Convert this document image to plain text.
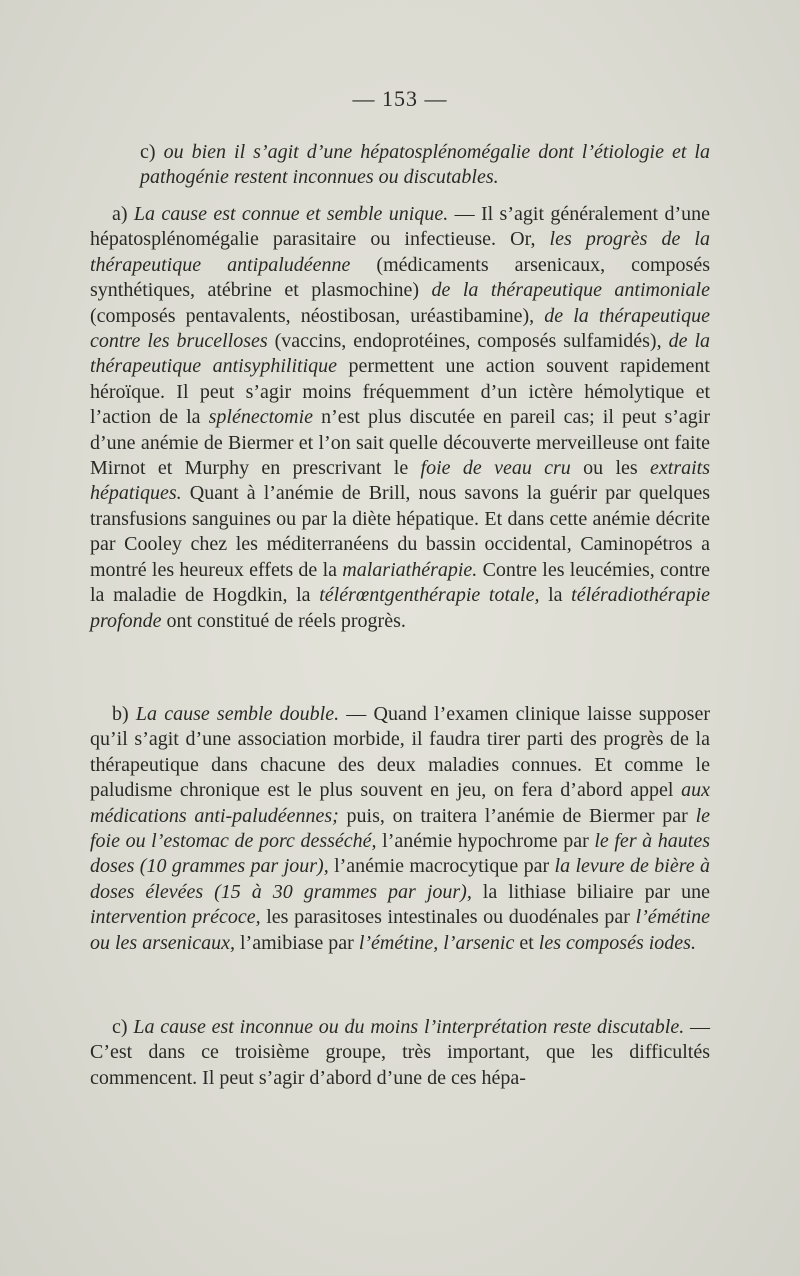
— 153 —

c) ou bien il s’agit d’une hépatosplénomégalie dont l’étiologie et la pathogénie restent inconnues ou discutables.

a) La cause est connue et semble unique. — Il s’agit généralement d’une hépatosplénomégalie parasitaire ou infectieuse. Or, les progrès de la thérapeutique antipaludéenne (médicaments arsenicaux, composés synthétiques, atébrine et plasmochine) de la thérapeutique antimoniale (composés pentavalents, néostibosan, uréastibamine), de la thérapeutique contre les brucelloses (vaccins, endoprotéines, composés sulfamidés), de la thérapeutique antisyphilitique permettent une action souvent rapidement héroïque. Il peut s’agir moins fréquemment d’un ictère hémolytique et l’action de la splénectomie n’est plus discutée en pareil cas; il peut s’agir d’une anémie de Biermer et l’on sait quelle découverte merveilleuse ont faite Mirnot et Murphy en prescrivant le foie de veau cru ou les extraits hépatiques. Quant à l’anémie de Brill, nous savons la guérir par quelques transfusions sanguines ou par la diète hépatique. Et dans cette anémie décrite par Cooley chez les méditerranéens du bassin occidental, Caminopétros a montré les heureux effets de la malariathérapie. Contre les leucémies, contre la maladie de Hogdkin, la télérœntgenthérapie totale, la téléradiothérapie profonde ont constitué de réels progrès.

b) La cause semble double. — Quand l’examen clinique laisse supposer qu’il s’agit d’une association morbide, il faudra tirer parti des progrès de la thérapeutique dans chacune des deux maladies connues. Et comme le paludisme chronique est le plus souvent en jeu, on fera d’abord appel aux médications anti-paludéennes; puis, on traitera l’anémie de Biermer par le foie ou l’estomac de porc desséché, l’anémie hypochrome par le fer à hautes doses (10 grammes par jour), l’anémie macrocytique par la levure de bière à doses élevées (15 à 30 grammes par jour), la lithiase biliaire par une intervention précoce, les parasitoses intestinales ou duodénales par l’émétine ou les arsenicaux, l’amibiase par l’émétine, l’arsenic et les composés iodes.

c) La cause est inconnue ou du moins l’interprétation reste discutable. — C’est dans ce troisième groupe, très important, que les difficultés commencent. Il peut s’agir d’abord d’une de ces hépa-
